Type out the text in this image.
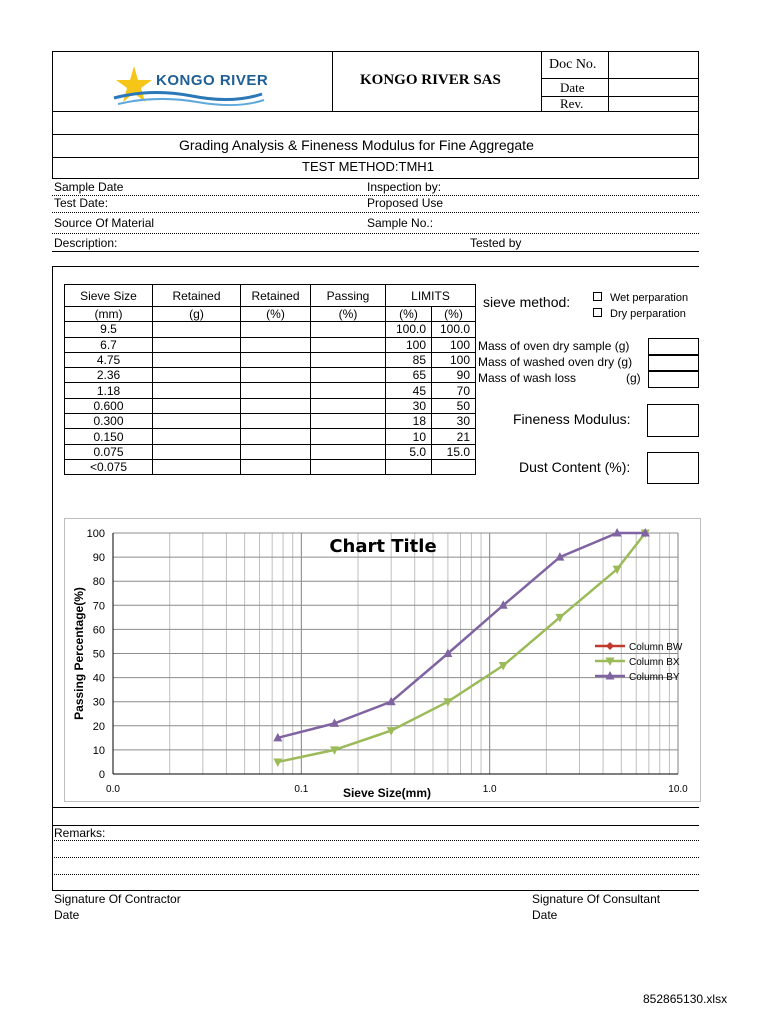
KONGO RIVER	KONGO RIVER SAS
Doc No.
Date
Rev.
Grading Analysis & Fineness Modulus for Fine Aggregate
TEST METHOD:TMH1
Sample Date	Inspection by:
Test Date:	Proposed Use
Source Of Material	Sample No.:
Description:	Tested by
Sieve Size	Retained	Retained	Passing	LIMITS	
(mm)	(g)	(%)	(%)	(%)	(%)
9.5				100.0	100.0
6.7				100	100
4.75				85	100
2.36				65	90
1.18				45	70
0.600				30	50
0.300				18	30
0.150				10	21
0.075				5.0	15.0
<0.075					
sieve method:	Wet perparation
Dry perparation
Mass of oven dry sample (g)
Mass of washed oven dry (g)
Mass of wash loss	(g)
Fineness Modulus:
Dust Content (%):
0
10
20
30
40
50
60
70
80
90
100
0.0	0.1	1.0	10.0
Chart Title
Sieve Size(mm)
Passing Percentage(%)	Column BW
Column BX
Column BY
Remarks:
Signature Of Contractor
Date
Signature Of Consultant
Date
852865130.xlsx
